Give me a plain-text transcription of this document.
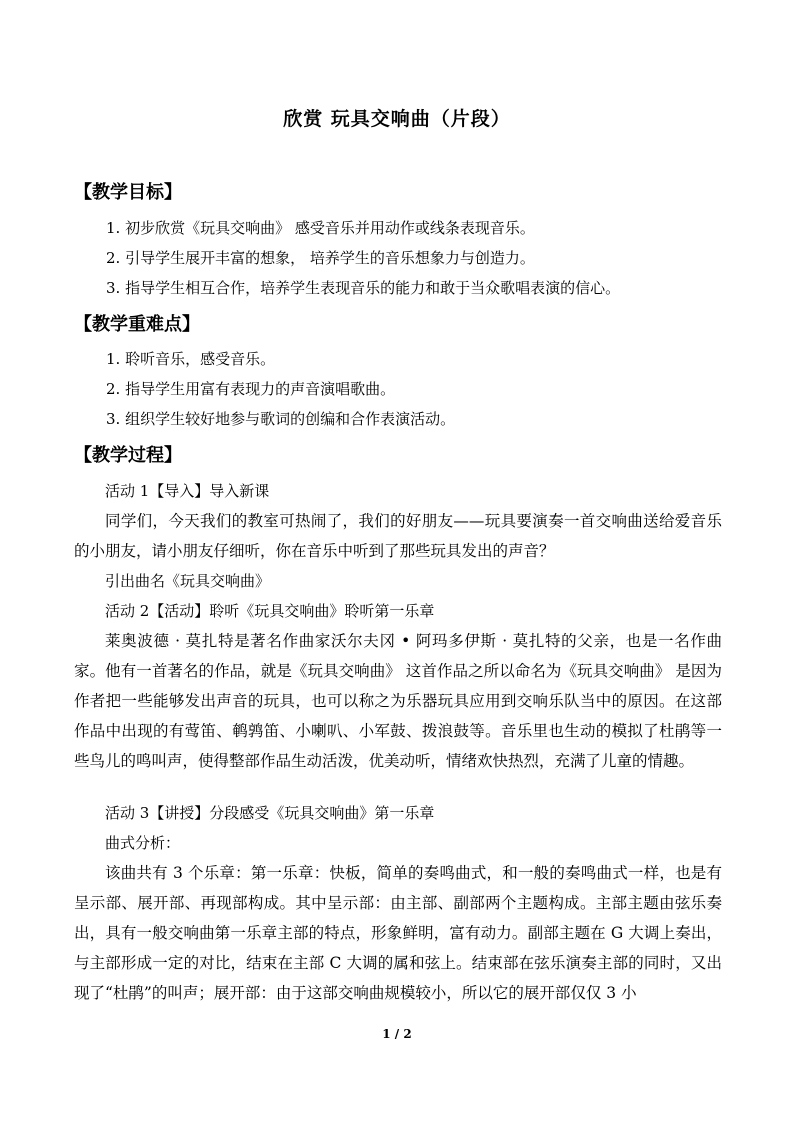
欣赏 玩具交响曲（片段）
【教学目标】
1. 初步欣赏《玩具交响曲》 感受音乐并用动作或线条表现音乐。
2. 引导学生展开丰富的想象， 培养学生的音乐想象力与创造力。
3. 指导学生相互合作，培养学生表现音乐的能力和敢于当众歌唱表演的信心。
【教学重难点】
1. 聆听音乐，感受音乐。
2. 指导学生用富有表现力的声音演唱歌曲。
3. 组织学生较好地参与歌词的创编和合作表演活动。
【教学过程】
活动 1【导入】导入新课
同学们，今天我们的教室可热闹了，我们的好朋友——玩具要演奏一首交响曲送给爱音乐的小朋友，请小朋友仔细听，你在音乐中听到了那些玩具发出的声音？
引出曲名《玩具交响曲》
活动 2【活动】聆听《玩具交响曲》聆听第一乐章
莱奥波德 · 莫扎特是著名作曲家沃尔夫冈 • 阿玛多伊斯 · 莫扎特的父亲，也是一名作曲家。他有一首著名的作品，就是《玩具交响曲》 这首作品之所以命名为《玩具交响曲》 是因为作者把一些能够发出声音的玩具，也可以称之为乐器玩具应用到交响乐队当中的原因。在这部作品中出现的有莺笛、鹌鹑笛、小喇叭、小军鼓、拨浪鼓等。音乐里也生动的模拟了杜鹃等一些鸟儿的鸣叫声，使得整部作品生动活泼，优美动听，情绪欢快热烈，充满了儿童的情趣。
活动 3【讲授】分段感受《玩具交响曲》第一乐章
曲式分析：
该曲共有 3 个乐章：第一乐章：快板，简单的奏鸣曲式，和一般的奏鸣曲式一样，也是有呈示部、展开部、再现部构成。其中呈示部：由主部、副部两个主题构成。主部主题由弦乐奏出，具有一般交响曲第一乐章主部的特点，形象鲜明，富有动力。副部主题在 G 大调上奏出，与主部形成一定的对比，结束在主部 C 大调的属和弦上。结束部在弦乐演奏主部的同时，又出现了“杜鹃”的叫声；展开部：由于这部交响曲规模较小，所以它的展开部仅仅 3 小
1 / 2
